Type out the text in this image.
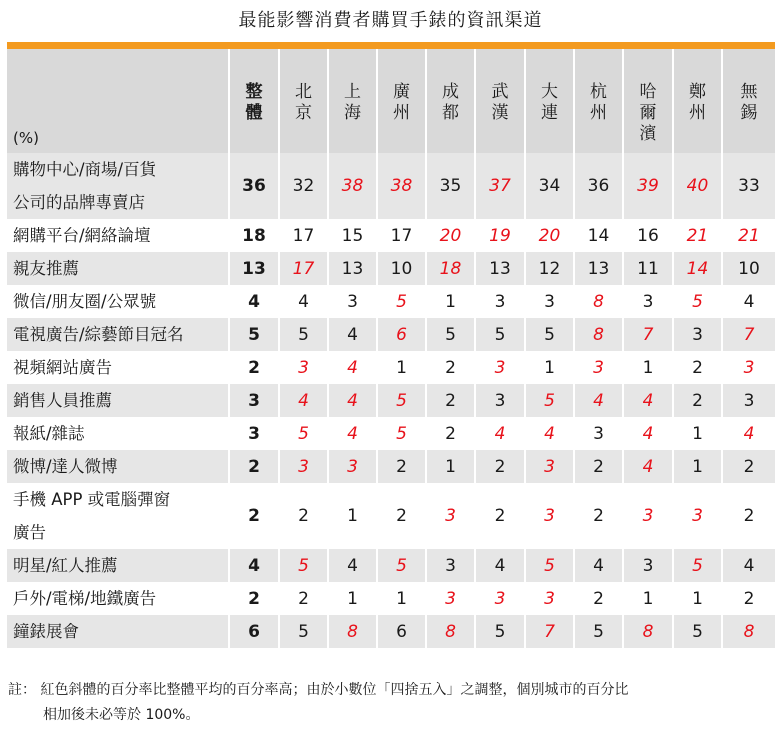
最能影響消費者購買手錶的資訊渠道
(%)	整體	北京	上海	廣州	成都	武漢	大連	杭州	哈爾濱	鄭州	無錫

購物中心/商場/百貨
公司的品牌專賣店	36	32	38	38	35	37	34	36	39	40	33

網購平台/網絡論壇	18	17	15	17	20	19	20	14	16	21	21

親友推薦	13	17	13	10	18	13	12	13	11	14	10

微信/朋友圈/公眾號	4	4	3	5	1	3	3	8	3	5	4

電視廣告/綜藝節目冠名	5	5	4	6	5	5	5	8	7	3	7

視頻網站廣告	2	3	4	1	2	3	1	3	1	2	3

銷售人員推薦	3	4	4	5	2	3	5	4	4	2	3

報紙/雜誌	3	5	4	5	2	4	4	3	4	1	4

微博/達人微博	2	3	3	2	1	2	3	2	4	1	2

手機 APP 或電腦彈窗
廣告	2	2	1	2	3	2	3	2	3	3	2

明星/紅人推薦	4	5	4	5	3	4	5	4	3	5	4

戶外/電梯/地鐵廣告	2	2	1	1	3	3	3	2	1	1	2

鐘錶展會	6	5	8	6	8	5	7	5	8	5	8
註： 紅色斜體的百分率比整體平均的百分率高；由於小數位「四捨五入」之調整，個別城市的百分比
相加後未必等於 100%。
